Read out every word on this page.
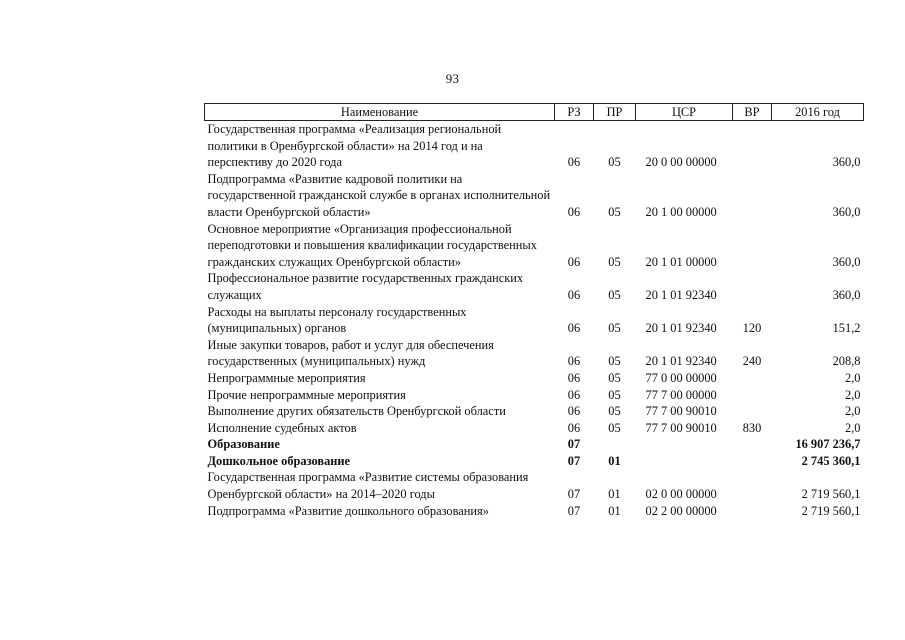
93
Наименование	РЗ	ПР	ЦСР	ВР	2016 год
Государственная программа «Реализация региональной политики в Оренбургской области» на 2014 год и на перспективу до 2020 года	06	05	20 0 00 00000		360,0
Подпрограмма «Развитие кадровой политики на государственной гражданской службе в органах исполнительной власти Оренбургской области»	06	05	20 1 00 00000		360,0
Основное мероприятие «Организация профессиональной переподготовки и повышения квалификации государственных гражданских служащих Оренбургской области»	06	05	20 1 01 00000		360,0
Профессиональное развитие государственных гражданских служащих	06	05	20 1 01 92340		360,0
Расходы на выплаты персоналу государственных (муниципальных) органов	06	05	20 1 01 92340	120	151,2
Иные закупки товаров, работ и услуг для обеспечения государственных (муниципальных) нужд	06	05	20 1 01 92340	240	208,8
Непрограммные мероприятия	06	05	77 0 00 00000		2,0
Прочие непрограммные мероприятия	06	05	77 7 00 00000		2,0
Выполнение других обязательств Оренбургской области	06	05	77 7 00 90010		2,0
Исполнение судебных актов	06	05	77 7 00 90010	830	2,0
Образование	07				16 907 236,7
Дошкольное образование	07	01			2 745 360,1
Государственная программа «Развитие системы образования Оренбургской области» на 2014–2020 годы	07	01	02 0 00 00000		2 719 560,1
Подпрограмма «Развитие дошкольного образования»	07	01	02 2 00 00000		2 719 560,1
